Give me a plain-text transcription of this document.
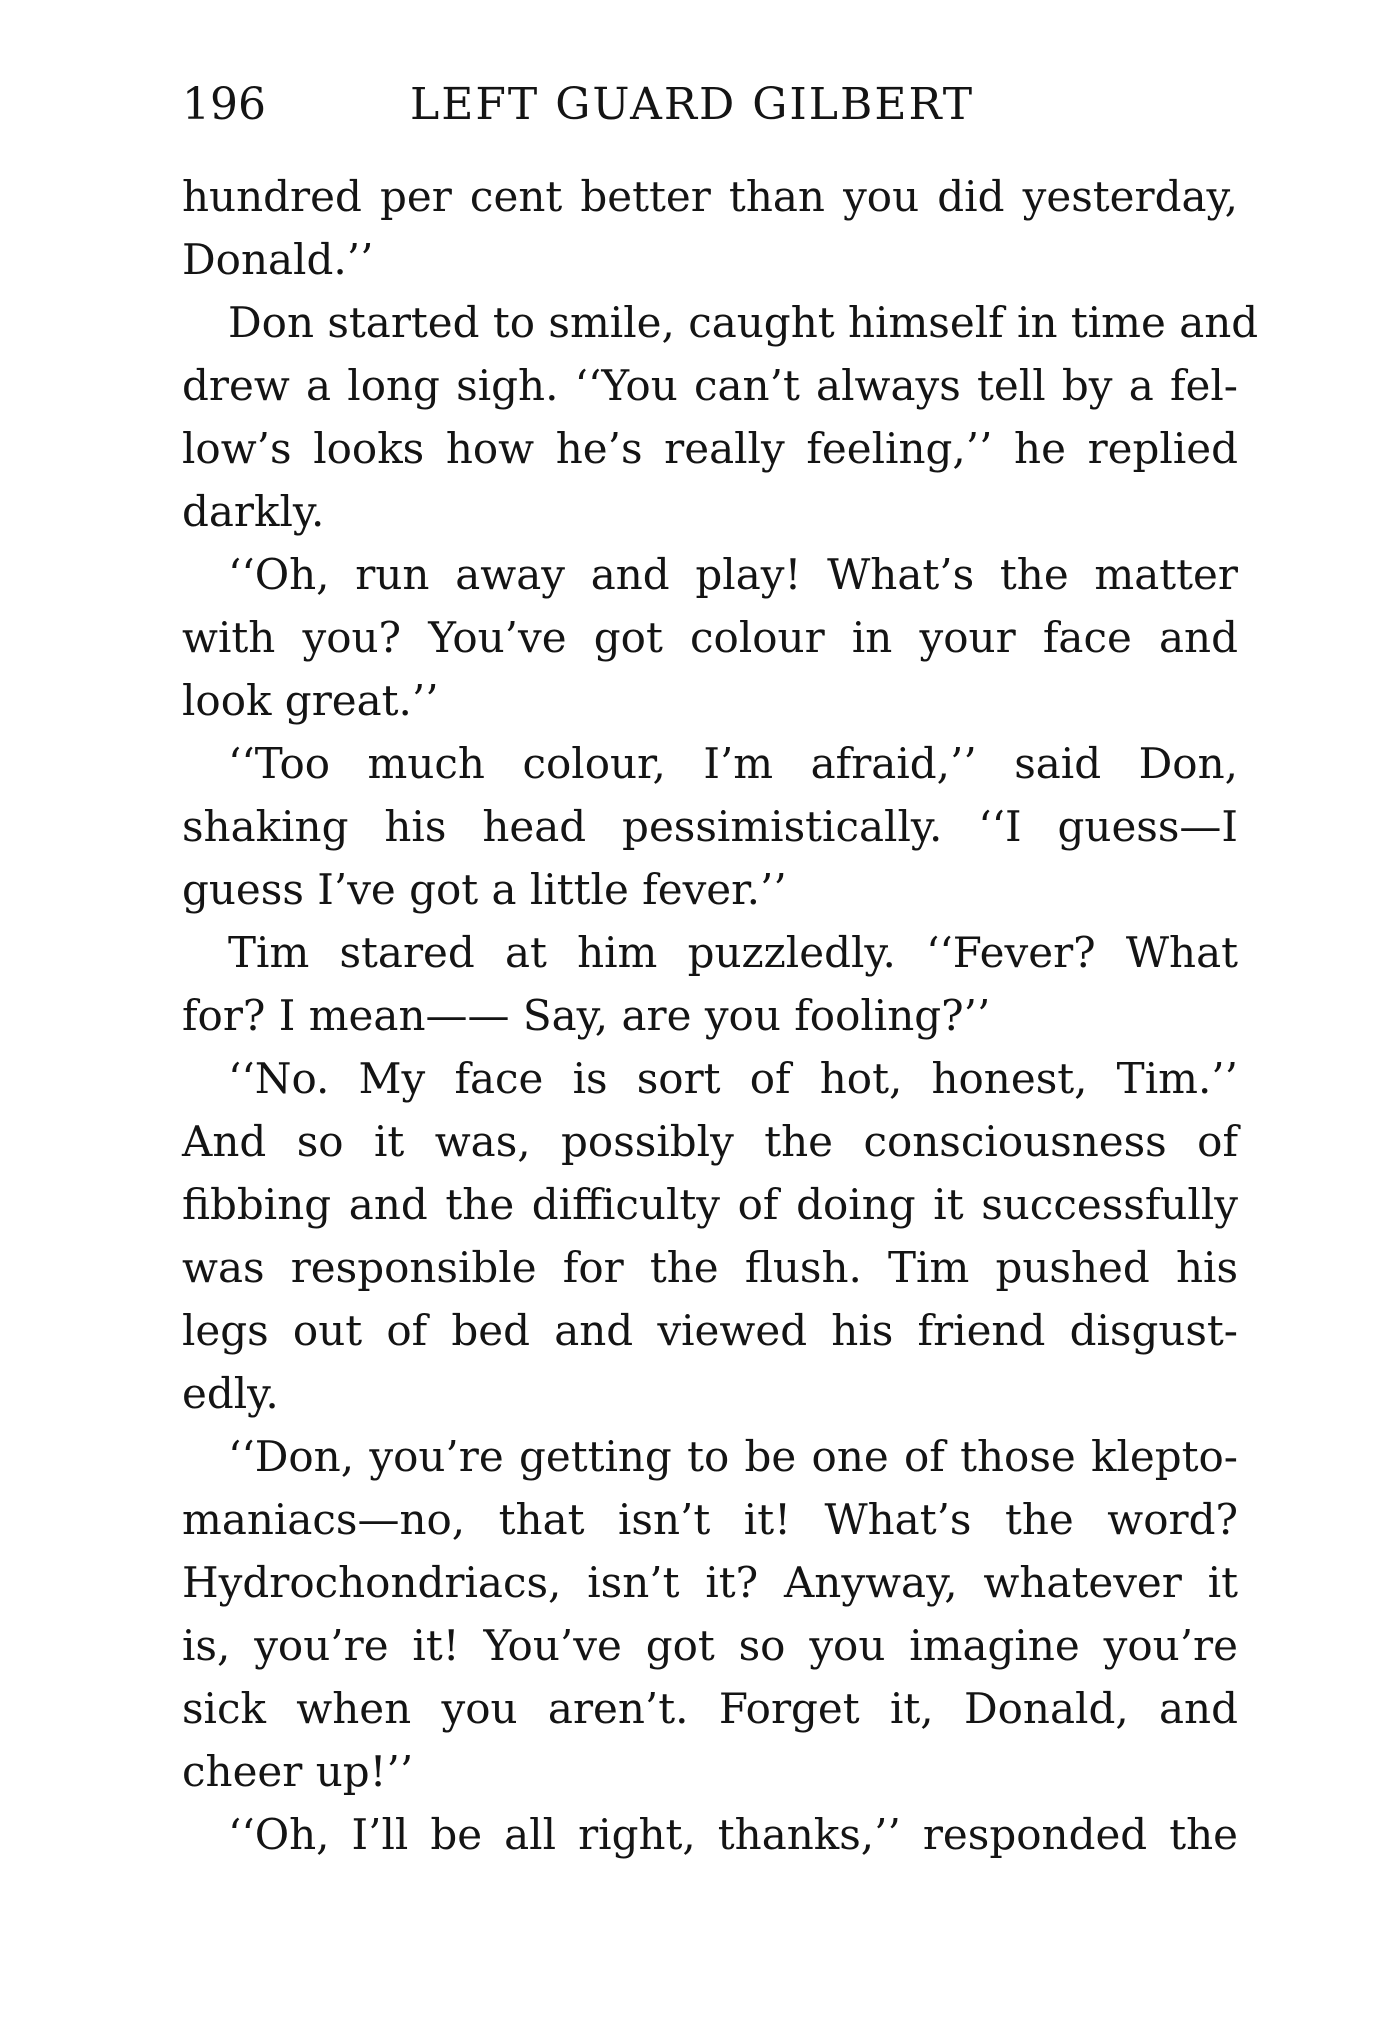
196	LEFT GUARD GILBERT
hundred per cent better than you did yesterday,
Donald.’’
Don started to smile, caught himself in time and
drew a long sigh. ‘‘You can’t always tell by a fel-
low’s looks how he’s really feeling,’’ he replied
darkly.
‘‘Oh, run away and play! What’s the matter
with you? You’ve got colour in your face and
look great.’’
‘‘Too much colour, I’m afraid,’’ said Don,
shaking his head pessimistically. ‘‘I guess—I
guess I’ve got a little fever.’’
Tim stared at him puzzledly. ‘‘Fever? What
for? I mean—— Say, are you fooling?’’
‘‘No. My face is sort of hot, honest, Tim.’’
And so it was, possibly the consciousness of
fibbing and the difficulty of doing it successfully
was responsible for the flush. Tim pushed his
legs out of bed and viewed his friend disgust-
edly.
‘‘Don, you’re getting to be one of those klepto-
maniacs—no, that isn’t it! What’s the word?
Hydrochondriacs, isn’t it? Anyway, whatever it
is, you’re it! You’ve got so you imagine you’re
sick when you aren’t. Forget it, Donald, and
cheer up!’’
‘‘Oh, I’ll be all right, thanks,’’ responded the
